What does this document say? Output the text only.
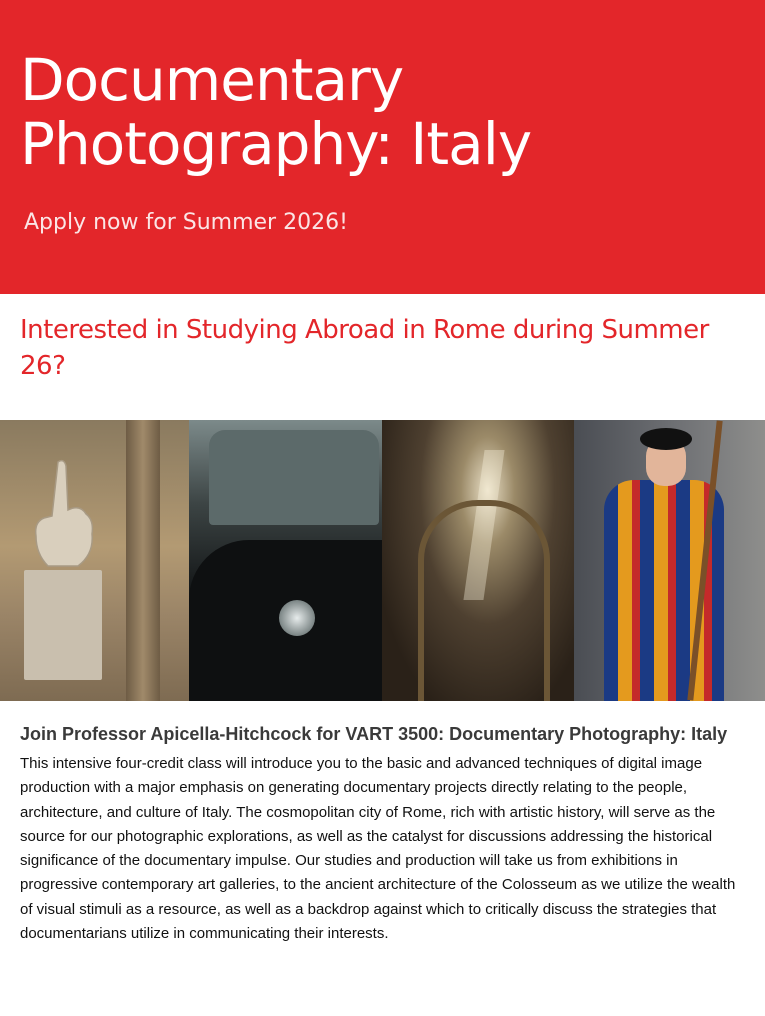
Documentary
Photography: Italy
Apply now for Summer 2026!
Interested in Studying Abroad in Rome during Summer 26?
Join Professor Apicella-Hitchcock for VART 3500: Documentary Photography: Italy

This intensive four-credit class will introduce you to the basic and advanced techniques of digital image production with a major emphasis on generating documentary projects directly relating to the people, architecture, and culture of Italy. The cosmopolitan city of Rome, rich with artistic history, will serve as the source for our photographic explorations, as well as the catalyst for discussions addressing the historical significance of the documentary impulse. Our studies and production will take us from exhibitions in progressive contemporary art galleries, to the ancient architecture of the Colosseum as we utilize the wealth of visual stimuli as a resource, as well as a backdrop against which to critically discuss the strategies that documentarians utilize in communicating their interests.
